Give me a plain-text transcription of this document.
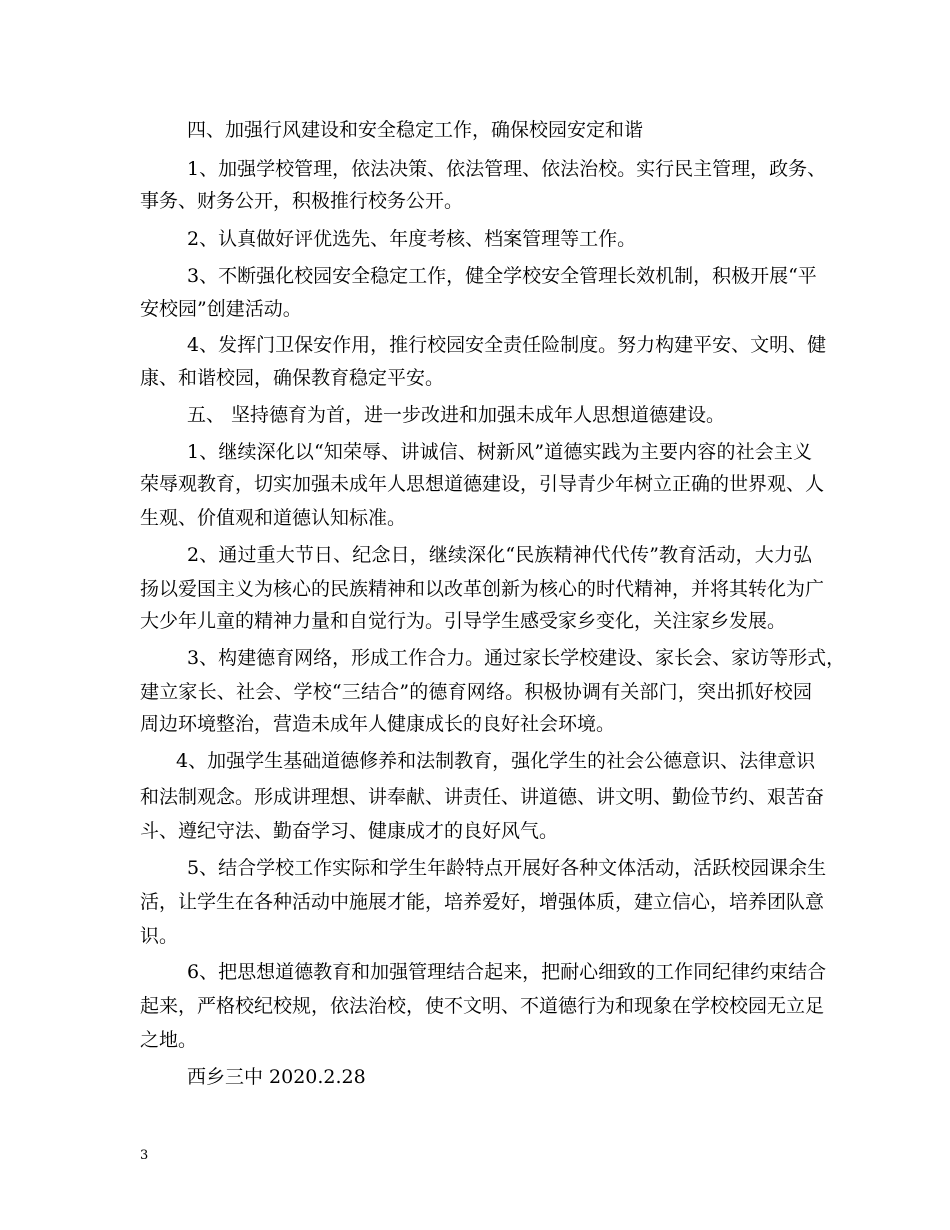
四、加强行风建设和安全稳定工作，确保校园安定和谐
1、加强学校管理，依法决策、依法管理、依法治校。实行民主管理，政务、
事务、财务公开，积极推行校务公开。
2、认真做好评优选先、年度考核、档案管理等工作。
3、不断强化校园安全稳定工作，健全学校安全管理长效机制，积极开展“平
安校园”创建活动。
4、发挥门卫保安作用，推行校园安全责任险制度。努力构建平安、文明、健
康、和谐校园，确保教育稳定平安。
五、 坚持德育为首，进一步改进和加强未成年人思想道德建设。
1、继续深化以“知荣辱、讲诚信、树新风”道德实践为主要内容的社会主义
荣辱观教育，切实加强未成年人思想道德建设，引导青少年树立正确的世界观、人
生观、价值观和道德认知标准。
2、通过重大节日、纪念日，继续深化“民族精神代代传”教育活动，大力弘
扬以爱国主义为核心的民族精神和以改革创新为核心的时代精神，并将其转化为广
大少年儿童的精神力量和自觉行为。引导学生感受家乡变化，关注家乡发展。
3、构建德育网络，形成工作合力。通过家长学校建设、家长会、家访等形式，
建立家长、社会、学校“三结合”的德育网络。积极协调有关部门，突出抓好校园
周边环境整治，营造未成年人健康成长的良好社会环境。
4、加强学生基础道德修养和法制教育，强化学生的社会公德意识、法律意识
和法制观念。形成讲理想、讲奉献、讲责任、讲道德、讲文明、勤俭节约、艰苦奋
斗、遵纪守法、勤奋学习、健康成才的良好风气。
5、结合学校工作实际和学生年龄特点开展好各种文体活动，活跃校园课余生
活，让学生在各种活动中施展才能，培养爱好，增强体质，建立信心，培养团队意
识。
6、把思想道德教育和加强管理结合起来，把耐心细致的工作同纪律约束结合
起来，严格校纪校规，依法治校，使不文明、不道德行为和现象在学校校园无立足
之地。
西乡三中 2020.2.28
3
